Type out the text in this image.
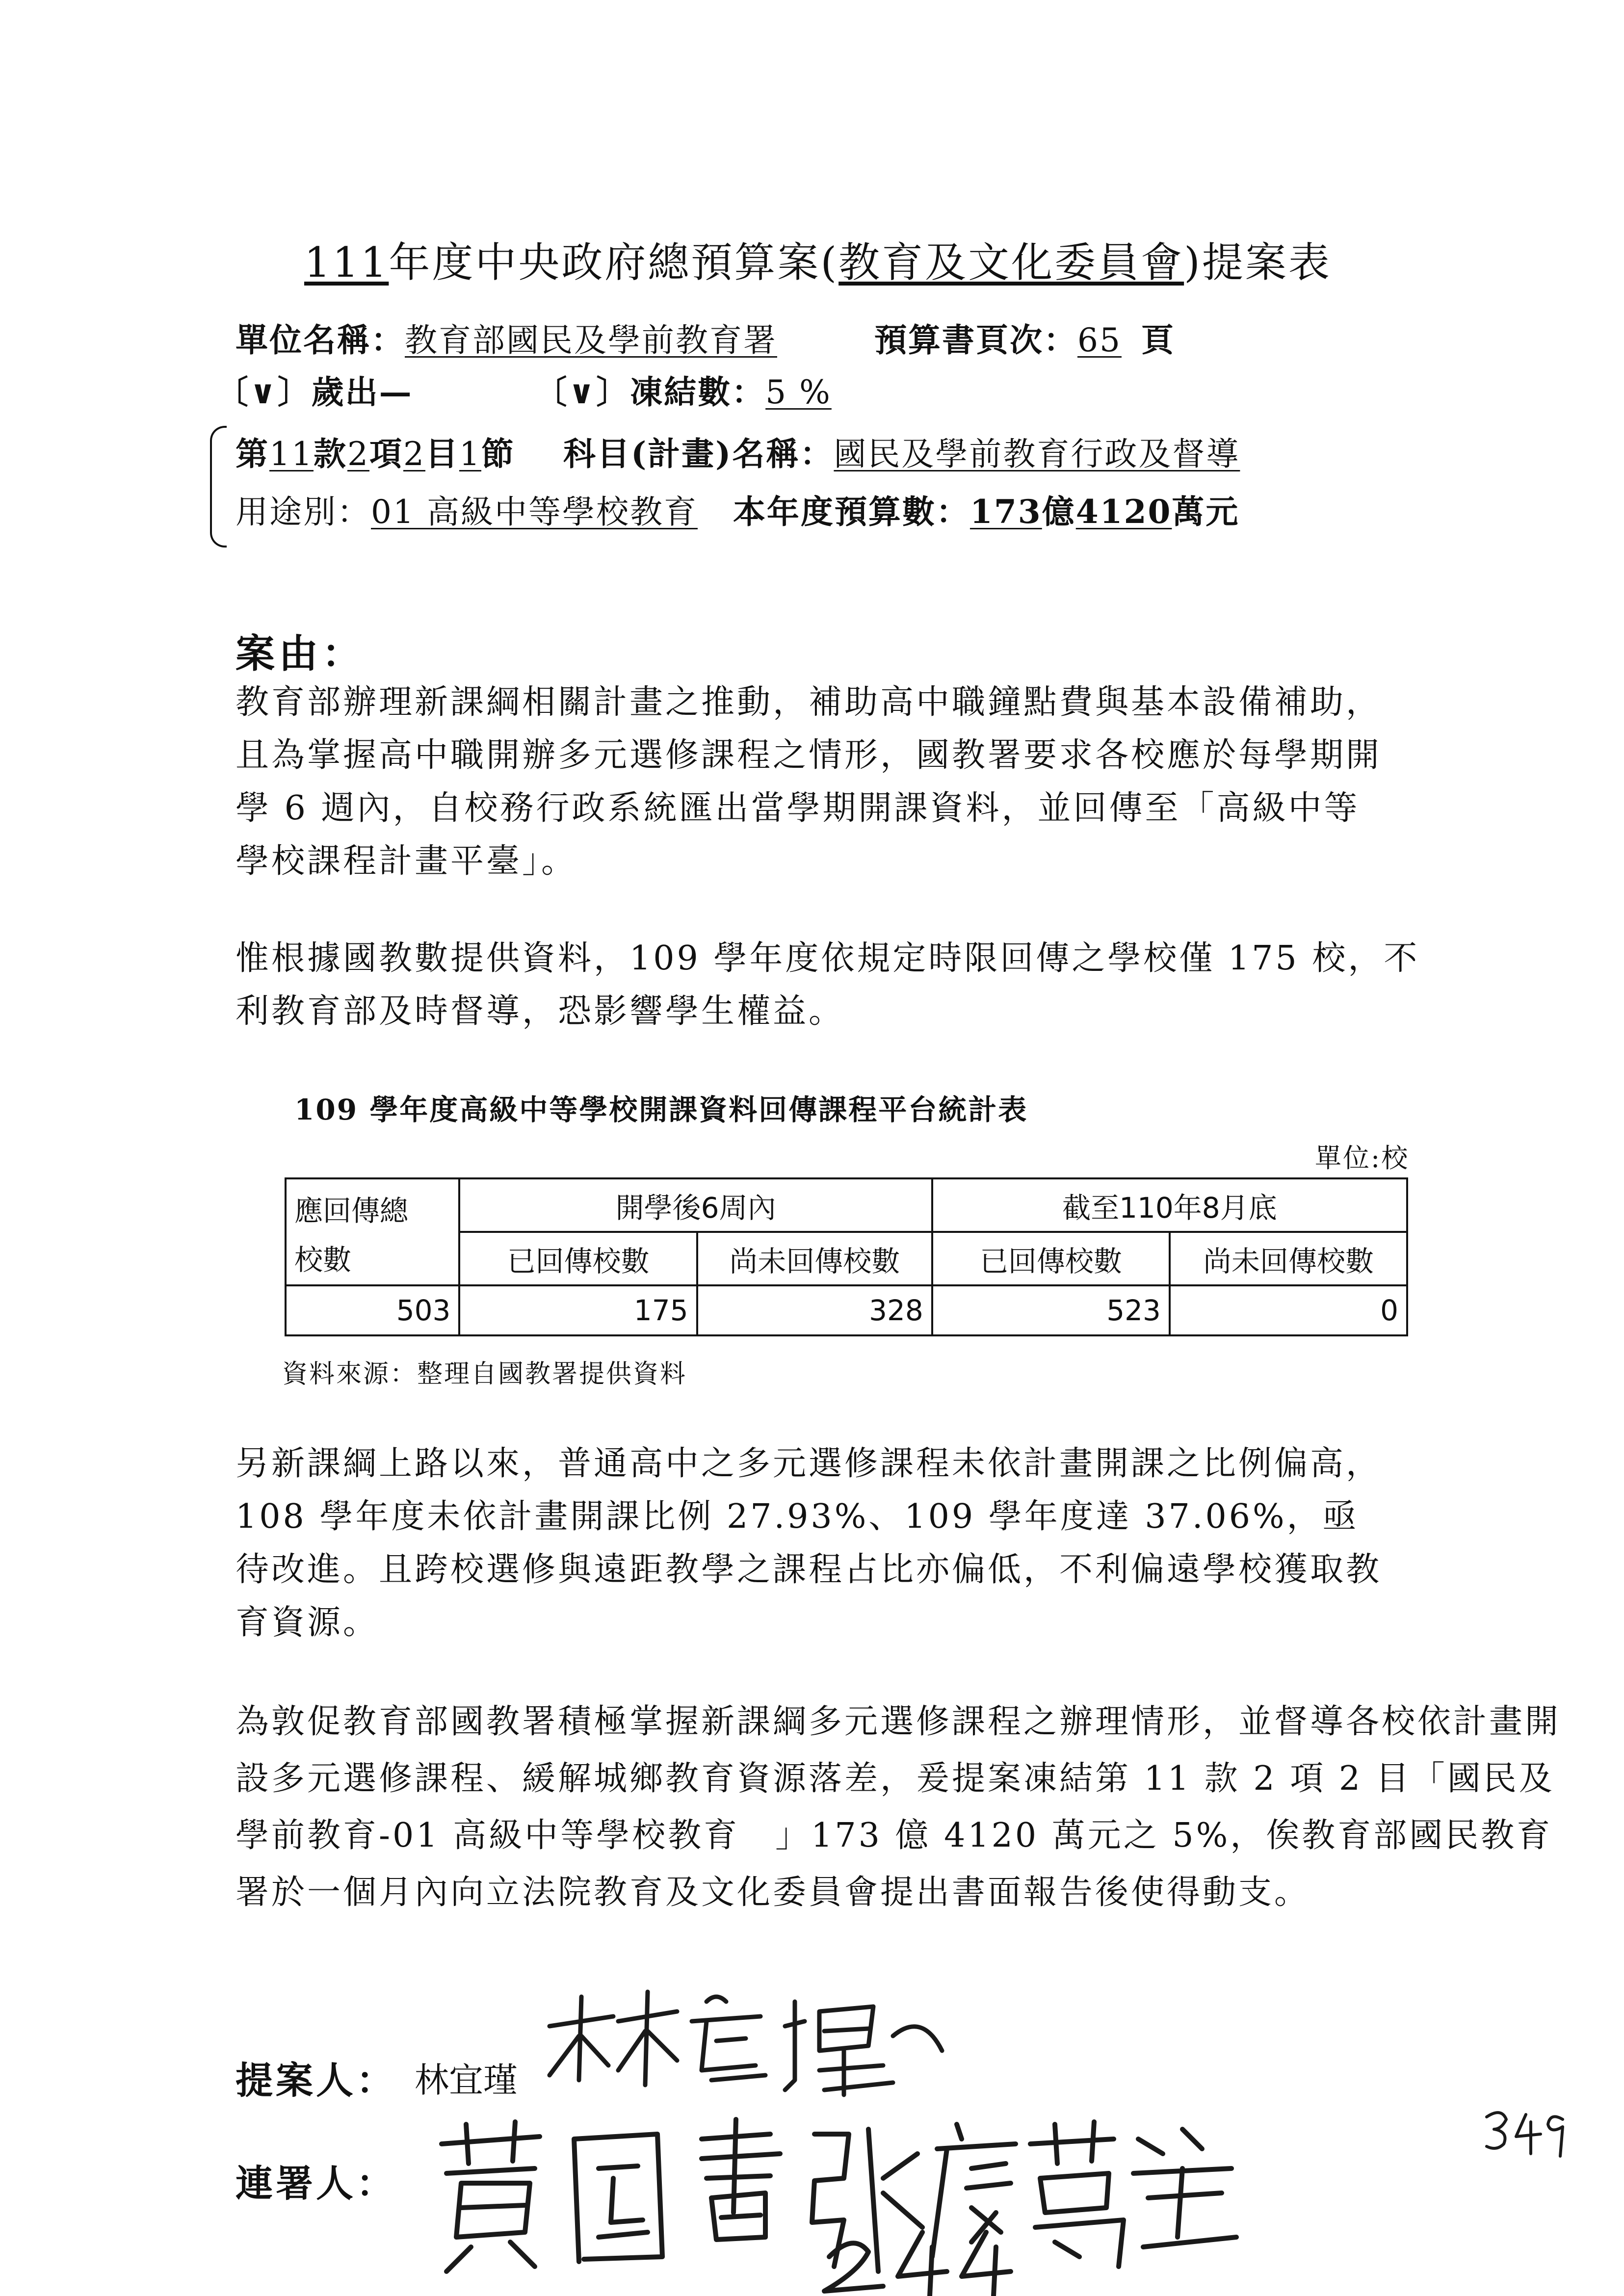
111年度中央政府總預算案(教育及文化委員會)提案表
單位名稱：教育部國民及學前教育署	預算書頁次：65 頁
〔∨〕歲出—	〔∨〕凍結數：5 %
第11款2項2目1節 科目(計畫)名稱：國民及學前教育行政及督導
用途別：01 高級中等學校教育 本年度預算數：173億4120萬元
案由：
教育部辦理新課綱相關計畫之推動，補助高中職鐘點費與基本設備補助，且為掌握高中職開辦多元選修課程之情形，國教署要求各校應於每學期開學 6 週內，自校務行政系統匯出當學期開課資料，並回傳至「高級中等學校課程計畫平臺」。
惟根據國教數提供資料，109 學年度依規定時限回傳之學校僅 175 校，不利教育部及時督導，恐影響學生權益。
109 學年度高級中等學校開課資料回傳課程平台統計表
單位:校
應回傳總
校數	開學後6周內		截至110年8月底	
	已回傳校數	尚未回傳校數	已回傳校數	尚未回傳校數
503	175	328	523	0
資料來源：整理自國教署提供資料
另新課綱上路以來，普通高中之多元選修課程未依計畫開課之比例偏高，108 學年度未依計畫開課比例 27.93%、109 學年度達 37.06%，亟待改進。且跨校選修與遠距教學之課程占比亦偏低，不利偏遠學校獲取教育資源。
為敦促教育部國教署積極掌握新課綱多元選修課程之辦理情形，並督導各校依計畫開設多元選修課程、緩解城鄉教育資源落差，爰提案凍結第 11 款 2 項 2 目「國民及學前教育-01 高級中等學校教育　」173 億 4120 萬元之 5%，俟教育部國民教育署於一個月內向立法院教育及文化委員會提出書面報告後使得動支。
提案人： 林宜瑾
連署人：
